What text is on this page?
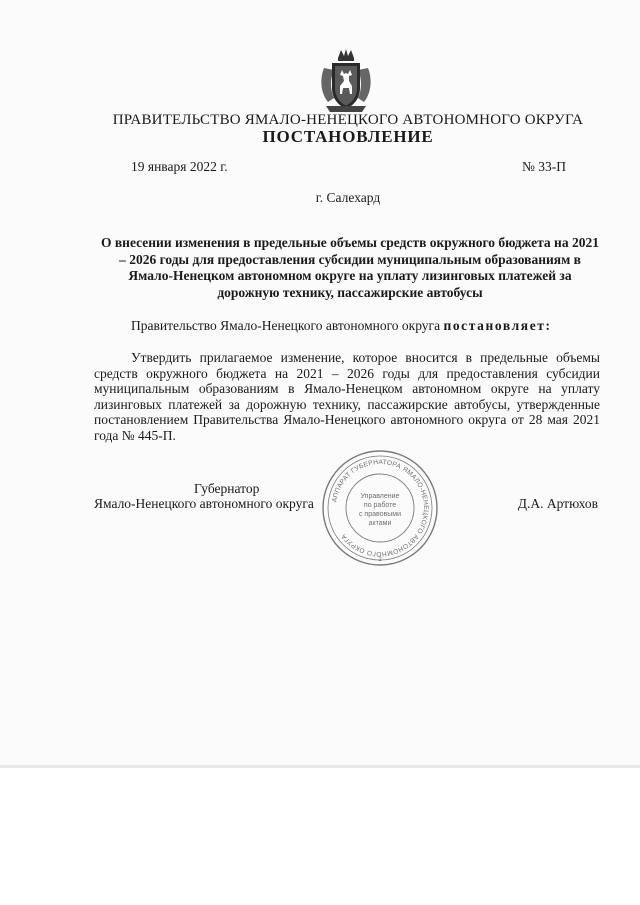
ПРАВИТЕЛЬСТВО ЯМАЛО-НЕНЕЦКОГО АВТОНОМНОГО ОКРУГА
ПОСТАНОВЛЕНИЕ
19 января 2022 г.	№ 33-П
г. Салехард
О внесении изменения в предельные объемы средств окружного бюджета на 2021 – 2026 годы для предоставления субсидии муниципальным образованиям в Ямало-Ненецком автономном округе на уплату лизинговых платежей за дорожную технику, пассажирские автобусы
Правительство Ямало-Ненецкого автономного округа постановляет:
Утвердить прилагаемое изменение, которое вносится в предельные объемы средств окружного бюджета на 2021 – 2026 годы для предоставления субсидии муниципальным образованиям в Ямало-Ненецком автономном округе на уплату лизинговых платежей за дорожную технику, пассажирские автобусы, утвержденные постановлением Правительства Ямало-Ненецкого автономного округа от 28 мая 2021 года № 445-П.
Губернатор
Ямало-Ненецкого автономного округа	Д.А. Артюхов
АППАРАТ ГУБЕРНАТОРА ЯМАЛО-НЕНЕЦКОГО АВТОНОМНОГО ОКРУГА
Управление
по работе
с правовыми
актами
2
